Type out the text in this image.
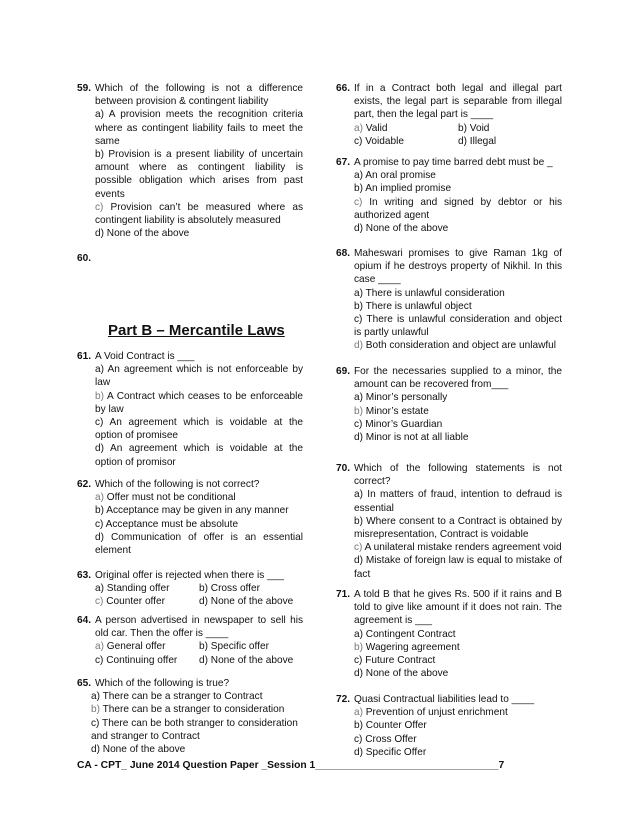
59. Which of the following is not a difference between provision & contingent liability
a) A provision meets the recognition criteria where as contingent liability fails to meet the same
b) Provision is a present liability of uncertain amount where as contingent liability is possible obligation which arises from past events
c) Provision can’t be measured where as contingent liability is absolutely measured
d) None of the above
60.
61. A Void Contract is ___
a) An agreement which is not enforceable by law
b) A Contract which ceases to be enforceable by law
c) An agreement which is voidable at the option of promisee
d) An agreement which is voidable at the option of promisor
62. Which of the following is not correct?
a) Offer must not be conditional
b) Acceptance may be given in any manner
c) Acceptance must be absolute
d) Communication of offer is an essential element
63. Original offer is rejected when there is ___
a) Standing offer	b) Cross offer
c) Counter offer	d) None of the above
64. A person advertised in newspaper to sell his old car. Then the offer is ____
a) General offer	b) Specific offer
c) Continuing offer	d) None of the above
65. Which of the following is true?
a) There can be a stranger to Contract
b) There can be a stranger to consideration
c) There can be both stranger to consideration and stranger to Contract
d) None of the above
Part B – Mercantile Laws
66. If in a Contract both legal and illegal part exists, the legal part is separable from illegal part, then the legal part is ____
a) Valid	b) Void
c) Voidable	d) Illegal
67. A promise to pay time barred debt must be _
a) An oral promise
b) An implied promise
c) In writing and signed by debtor or his authorized agent
d) None of the above
68. Maheswari promises to give Raman 1kg of opium if he destroys property of Nikhil. In this case ____
a) There is unlawful consideration
b) There is unlawful object
c) There is unlawful consideration and object is partly unlawful
d) Both consideration and object are unlawful
69. For the necessaries supplied to a minor, the amount can be recovered from___
a) Minor’s personally
b) Minor’s estate
c) Minor’s Guardian
d) Minor is not at all liable
70. Which of the following statements is not correct?
a) In matters of fraud, intention to defraud is essential
b) Where consent to a Contract is obtained by misrepresentation, Contract is voidable
c) A unilateral mistake renders agreement void
d) Mistake of foreign law is equal to mistake of fact
71. A told B that he gives Rs. 500 if it rains and B told to give like amount if it does not rain. The agreement is ___
a) Contingent Contract
b) Wagering agreement
c) Future Contract
d) None of the above
72. Quasi Contractual liabilities lead to ____
a) Prevention of unjust enrichment
b) Counter Offer
c) Cross Offer
d) Specific Offer
CA - CPT_ June 2014 Question Paper _Session 1________________________________7
